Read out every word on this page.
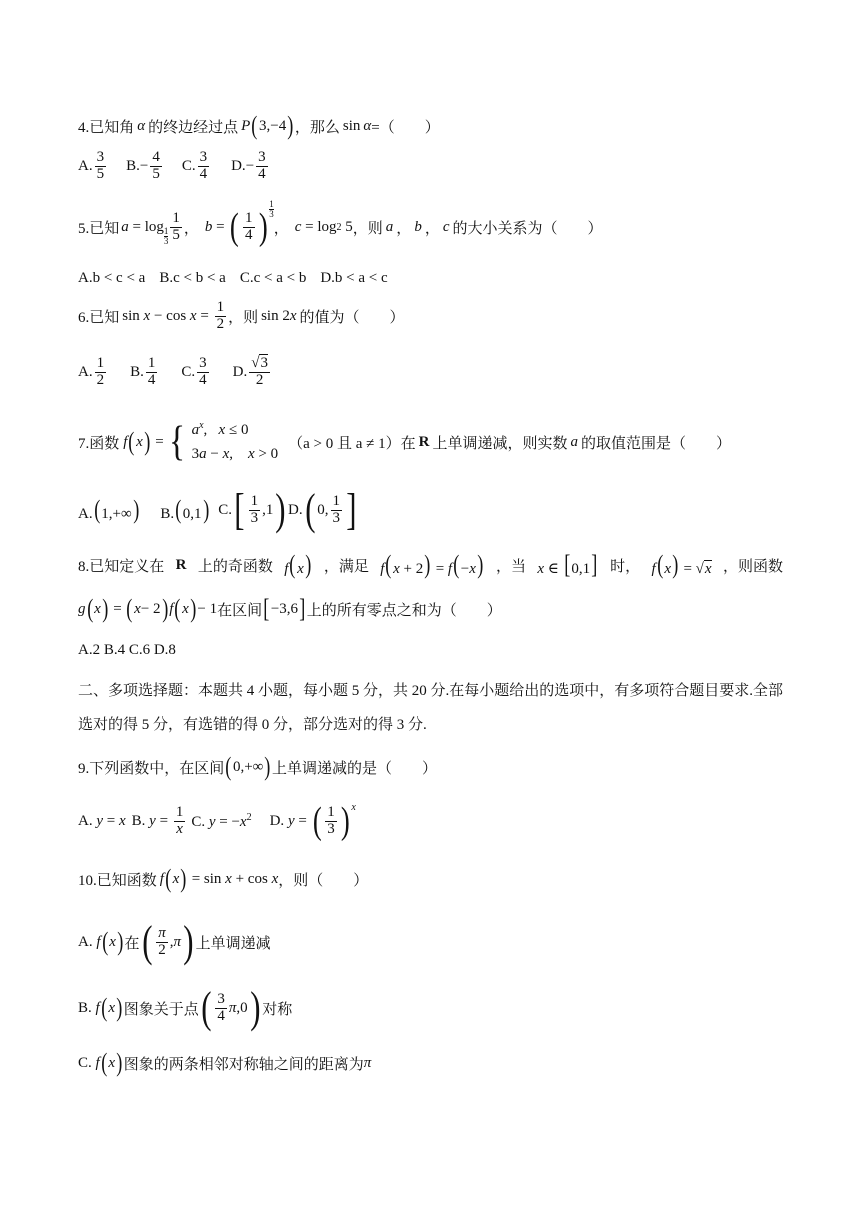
4.已知角 α 的终边经过点 P ( 3,−4 ) ，那么 sin α =（　　）
A. $\frac{3}{5} B$. − $\frac{4}{5} C$. $\frac{3}{4} D$. − $\frac{3}{4}$
5.已知 a = log 1
$3 \frac{1}{5}$ ， b = ( $\frac{1}{4}$ )
1
3
， c = log 2 5 ，则 a ， b ， c 的大小关系为（　　）
A.b < c < a B.c < b < a C.c < a < b D.b < a < c
6.已知 $\sin x - \cos x = \frac{1}{2}$ ，则 sin 2x 的值为（　　）
A. $\frac{1}{2} B$. $\frac{1}{4} C$. $\frac{3}{4} D$. $\frac{√3}{2}$
7.函数 f ( x ) = { $a^x$,   x ≤ 0
3a − x,    x > 0
（a > 0 且 a ≠ 1）在 R 上单调递减，则实数 a 的取值范围是（　　）
A.(1,+∞) B.(0,1) C. [ $\frac{1}{3} ,1$ ) D. ( 0, $\frac{1}{3}$ ]
8.已知定义在 R 上的奇函数 f(x) ，满足 f(x + 2) = f(−x) ，当 x ∈ [0,1] 时， f(x) = √x ，则函数
g ( x ) = ( x − 2 ) f ( x ) − 1 在区间 [ −3,6 ] 上的所有零点之和为（　　）
A.2 B.4 C.6 D.8
二、多项选择题：本题共 4 小题，每小题 5 分，共 20 分.在每小题给出的选项中，有多项符合题目要求.全部选对的得 5 分，有选错的得 0 分，部分选对的得 3 分.
9.下列函数中，在区间 ( 0,+∞ ) 上单调递减的是（　　）
A. y = x B. $y = \frac{1}{x} C$. $y = -x^2$ D. y = ( $\frac{1}{3} )^x$
10.已知函数 f ( x ) = sin x + cos x ，则（　　）
A. f ( x ) 在 ( $\frac{\pi}{2}$ , π ) 上单调递减
B. f ( x ) 图象关于点 ( $\frac{3}{4}$ π ,0 ) 对称
C. f ( x ) 图象的两条相邻对称轴之间的距离为 π
